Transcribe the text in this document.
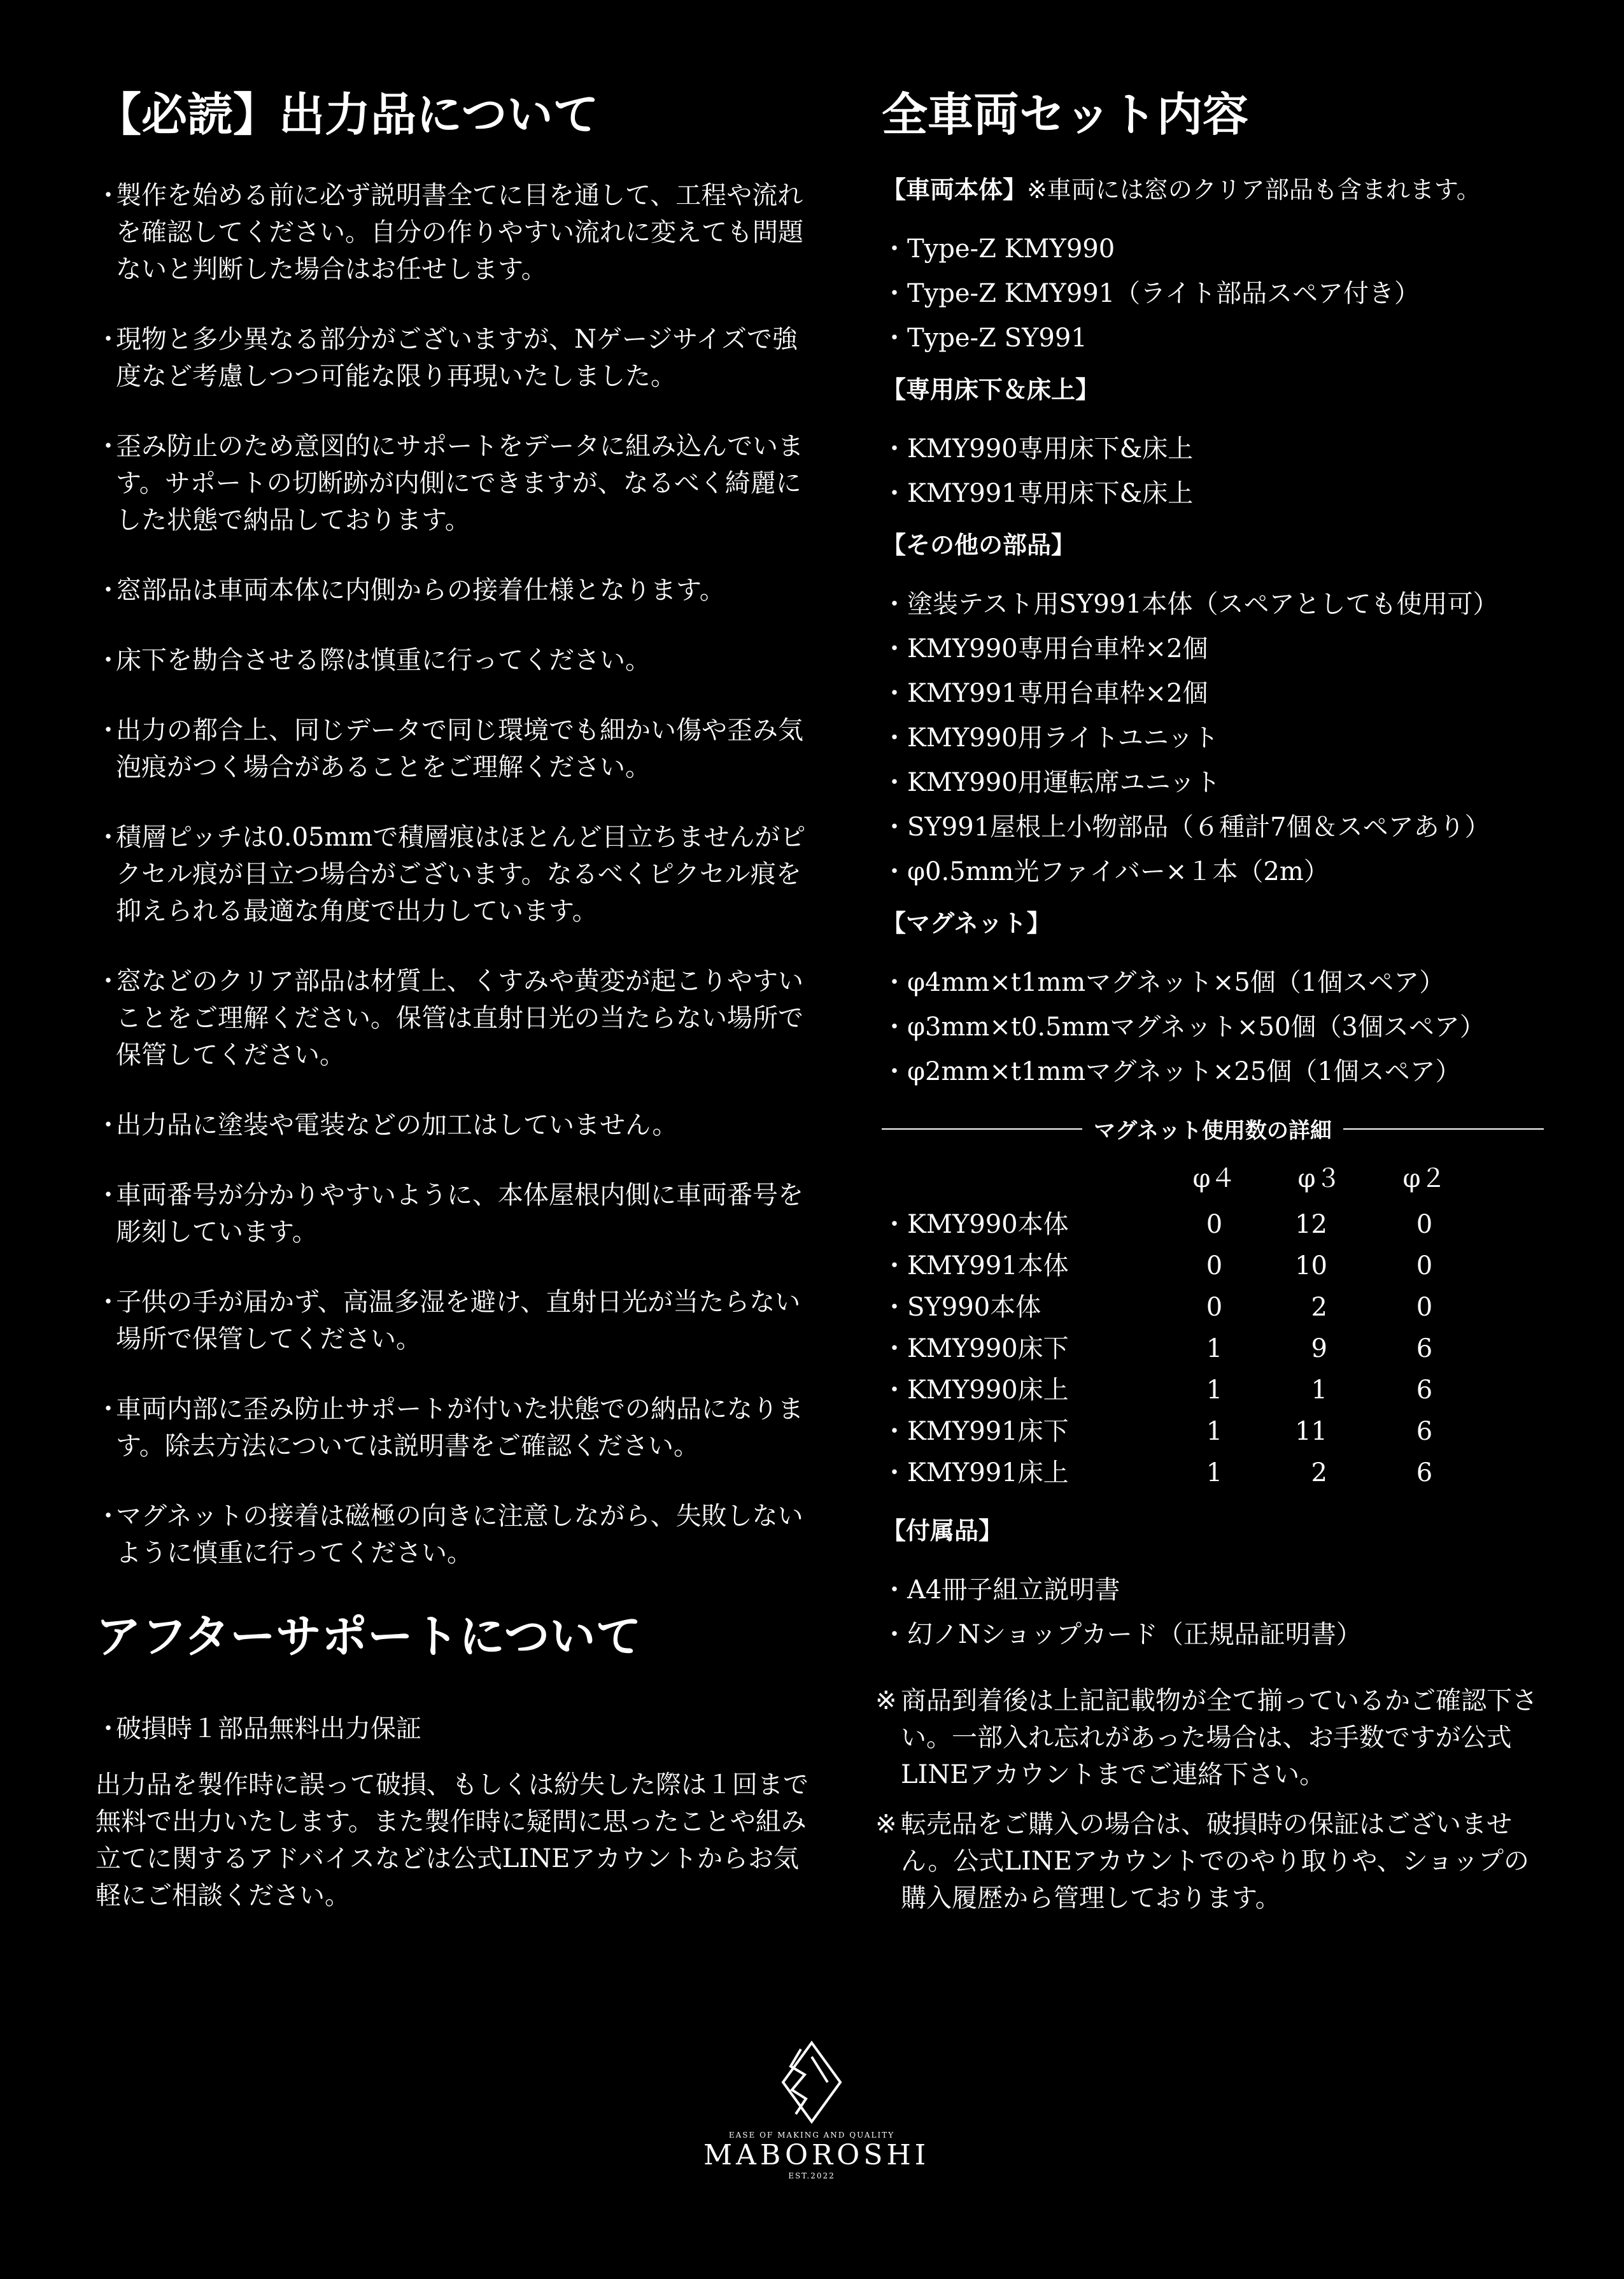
【必読】出力品について

・
製作を始める前に必ず説明書全てに目を通して、工程や流れを確認してください。自分の作りやすい流れに変えても問題ないと判断した場合はお任せします。

・
現物と多少異なる部分がございますが、Nゲージサイズで強度など考慮しつつ可能な限り再現いたしました。

・
歪み防止のため意図的にサポートをデータに組み込んでいます。サポートの切断跡が内側にできますが、なるべく綺麗にした状態で納品しております。

・
窓部品は車両本体に内側からの接着仕様となります。

・
床下を勘合させる際は慎重に行ってください。

・
出力の都合上、同じデータで同じ環境でも細かい傷や歪み気泡痕がつく場合があることをご理解ください。

・
積層ピッチは0.05mmで積層痕はほとんど目立ちませんがピクセル痕が目立つ場合がございます。なるべくピクセル痕を抑えられる最適な角度で出力しています。

・
窓などのクリア部品は材質上、くすみや黄変が起こりやすいことをご理解ください。保管は直射日光の当たらない場所で保管してください。

・
出力品に塗装や電装などの加工はしていません。

・
車両番号が分かりやすいように、本体屋根内側に車両番号を彫刻しています。

・
子供の手が届かず、高温多湿を避け、直射日光が当たらない場所で保管してください。

・
車両内部に歪み防止サポートが付いた状態での納品になります。除去方法については説明書をご確認ください。

・
マグネットの接着は磁極の向きに注意しながら、失敗しないように慎重に行ってください。

アフターサポートについて

・
破損時１部品無料出力保証

出力品を製作時に誤って破損、もしくは紛失した際は１回まで無料で出力いたします。また製作時に疑問に思ったことや組み立てに関するアドバイスなどは公式LINEアカウントからお気軽にご相談ください。

全車両セット内容

【車両本体】※車両には窓のクリア部品も含まれます。

・Type-Z KMY990

・Type-Z KMY991（ライト部品スペア付き）

・Type-Z SY991

【専用床下＆床上】

・KMY990専用床下&床上

・KMY991専用床下&床上

【その他の部品】

・塗装テスト用SY991本体（スペアとしても使用可）

・KMY990専用台車枠×2個

・KMY991専用台車枠×2個

・KMY990用ライトユニット

・KMY990用運転席ユニット

・SY991屋根上小物部品（６種計7個＆スペアあり）

・φ0.5mm光ファイバー×１本（2m）

【マグネット】

・φ4mm×t1mmマグネット×5個（1個スペア）

・φ3mm×t0.5mmマグネット×50個（3個スペア）

・φ2mm×t1mmマグネット×25個（1個スペア）

マグネット使用数の詳細
	φ４	φ３	φ２
・KMY990本体	0	12	0
・KMY991本体	0	10	0
・SY990本体	0	2	0
・KMY990床下	1	9	6
・KMY990床上	1	1	6
・KMY991床下	1	11	6
・KMY991床上	1	2	6

【付属品】

・A4冊子組立説明書

・幻ノNショップカード（正規品証明書）

※ 商品到着後は上記記載物が全て揃っているかご確認下さい。一部入れ忘れがあった場合は、お手数ですが公式LINEアカウントまでご連絡下さい。

※ 転売品をご購入の場合は、破損時の保証はございません。公式LINEアカウントでのやり取りや、ショップの購入履歴から管理しております。

EASE OF MAKING AND QUALITY
MABOROSHI
EST.2022
